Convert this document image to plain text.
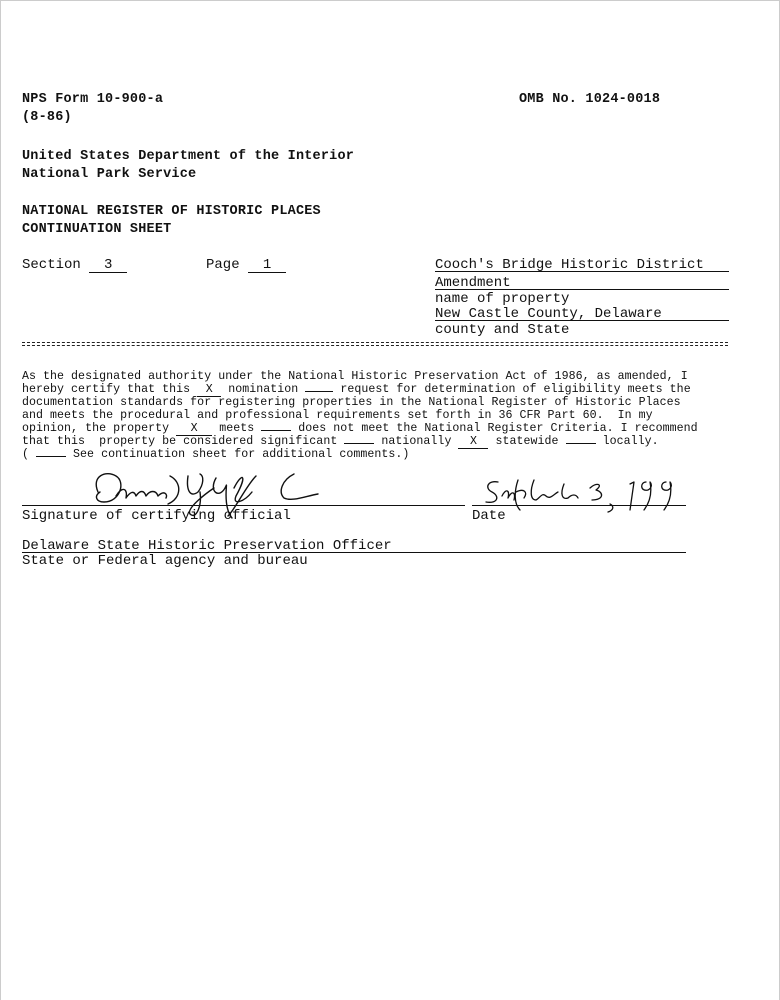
NPS Form 10-900-a
(8-86)
OMB No. 1024-0018
United States Department of the Interior
National Park Service
NATIONAL REGISTER OF HISTORIC PLACES
CONTINUATION SHEET
Section 3	Page 1	Cooch's Bridge Historic District
Amendment
name of property
New Castle County, Delaware
county and State
As the designated authority under the National Historic Preservation Act of 1986, as amended, I
hereby certify that this X nomination	request for determination of eligibility meets the
documentation standards for registering properties in the National Register of Historic Places
and meets the procedural and professional requirements set forth in 36 CFR Part 60.  In my
opinion, the property X meets	does not meet the National Register Criteria. I recommend
that this  property be considered significant	nationally X statewide	locally.
(	See continuation sheet for additional comments.)
Signature of certifying official	Date
Delaware State Historic Preservation Officer
State or Federal agency and bureau
